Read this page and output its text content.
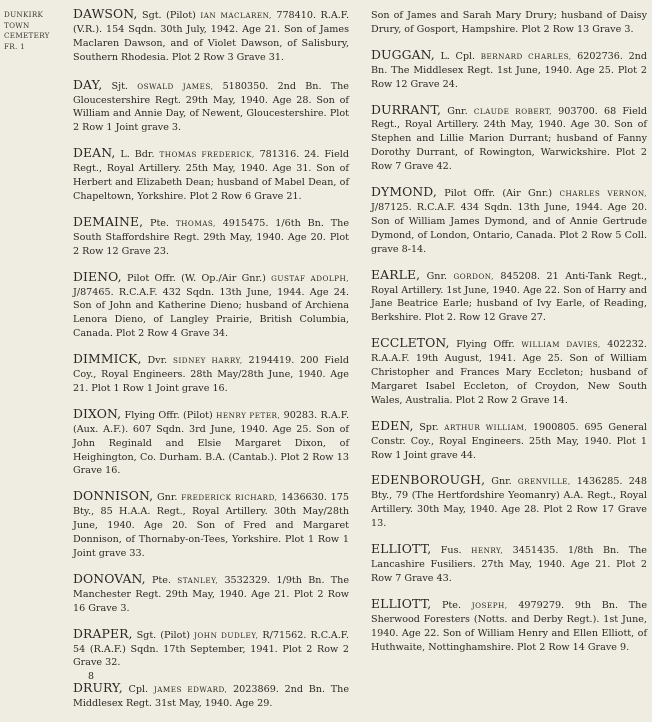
DUNKIRK
TOWN
CEMETERY
FR. 1

DAWSON, Sgt. (Pilot) IAN MACLAREN, 778410. R.A.F. (V.R.). 154 Sqdn. 30th July, 1942. Age 21. Son of James Maclaren Dawson, and of Violet Dawson, of Salisbury, Southern Rhodesia. Plot 2 Row 3 Grave 31.

DAY, Sjt. OSWALD JAMES, 5180350. 2nd Bn. The Gloucestershire Regt. 29th May, 1940. Age 28. Son of William and Annie Day, of Newent, Gloucestershire. Plot 2 Row 1 Joint grave 3.

DEAN, L. Bdr. THOMAS FREDERICK, 781316. 24. Field Regt., Royal Artillery. 25th May, 1940. Age 31. Son of Herbert and Elizabeth Dean; husband of Mabel Dean, of Chapeltown, Yorkshire. Plot 2 Row 6 Grave 21.

DEMAINE, Pte. THOMAS, 4915475. 1/6th Bn. The South Staffordshire Regt. 29th May, 1940. Age 20. Plot 2 Row 12 Grave 23.

DIENO, Pilot Offr. (W. Op./Air Gnr.) GUSTAF ADOLPH, J/87465. R.C.A.F. 432 Sqdn. 13th June, 1944. Age 24. Son of John and Katherine Dieno; husband of Archiena Lenora Dieno, of Langley Prairie, British Columbia, Canada. Plot 2 Row 4 Grave 34.

DIMMICK, Dvr. SIDNEY HARRY, 2194419. 200 Field Coy., Royal Engineers. 28th May/28th June, 1940. Age 21. Plot 1 Row 1 Joint grave 16.

DIXON, Flying Offr. (Pilot) HENRY PETER, 90283. R.A.F. (Aux. A.F.). 607 Sqdn. 3rd June, 1940. Age 25. Son of John Reginald and Elsie Margaret Dixon, of Heighington, Co. Durham. B.A. (Cantab.). Plot 2 Row 13 Grave 16.

DONNISON, Gnr. FREDERICK RICHARD, 1436630. 175 Bty., 85 H.A.A. Regt., Royal Artillery. 30th May/28th June, 1940. Age 20. Son of Fred and Margaret Donnison, of Thornaby-on-Tees, Yorkshire. Plot 1 Row 1 Joint grave 33.

DONOVAN, Pte. STANLEY, 3532329. 1/9th Bn. The Manchester Regt. 29th May, 1940. Age 21. Plot 2 Row 16 Grave 3.

DRAPER, Sgt. (Pilot) JOHN DUDLEY, R/71562. R.C.A.F. 54 (R.A.F.) Sqdn. 17th September, 1941. Plot 2 Row 2 Grave 32.

DRURY, Cpl. JAMES EDWARD, 2023869. 2nd Bn. The Middlesex Regt. 31st May, 1940. Age 29.

Son of James and Sarah Mary Drury; husband of Daisy Drury, of Gosport, Hampshire. Plot 2 Row 13 Grave 3.

DUGGAN, L. Cpl. BERNARD CHARLES, 6202736. 2nd Bn. The Middlesex Regt. 1st June, 1940. Age 25. Plot 2 Row 12 Grave 24.

DURRANT, Gnr. CLAUDE ROBERT, 903700. 68 Field Regt., Royal Artillery. 24th May, 1940. Age 30. Son of Stephen and Lillie Marion Durrant; husband of Fanny Dorothy Durrant, of Rowington, Warwickshire. Plot 2 Row 7 Grave 42.

DYMOND, Pilot Offr. (Air Gnr.) CHARLES VERNON, J/87125. R.C.A.F. 434 Sqdn. 13th June, 1944. Age 20. Son of William James Dymond, and of Annie Gertrude Dymond, of London, Ontario, Canada. Plot 2 Row 5 Coll. grave 8-14.

EARLE, Gnr. GORDON, 845208. 21 Anti-Tank Regt., Royal Artillery. 1st June, 1940. Age 22. Son of Harry and Jane Beatrice Earle; husband of Ivy Earle, of Reading, Berkshire. Plot 2. Row 12 Grave 27.

ECCLETON, Flying Offr. WILLIAM DAVIES, 402232. R.A.A.F. 19th August, 1941. Age 25. Son of William Christopher and Frances Mary Eccleton; husband of Margaret Isabel Eccleton, of Croydon, New South Wales, Australia. Plot 2 Row 2 Grave 14.

EDEN, Spr. ARTHUR WILLIAM, 1900805. 695 General Constr. Coy., Royal Engineers. 25th May, 1940. Plot 1 Row 1 Joint grave 44.

EDENBOROUGH, Gnr. GRENVILLE, 1436285. 248 Bty., 79 (The Hertfordshire Yeomanry) A.A. Regt., Royal Artillery. 30th May, 1940. Age 28. Plot 2 Row 17 Grave 13.

ELLIOTT, Fus. HENRY, 3451435. 1/8th Bn. The Lancashire Fusiliers. 27th May, 1940. Age 21. Plot 2 Row 7 Grave 43.

ELLIOTT, Pte. JOSEPH, 4979279. 9th Bn. The Sherwood Foresters (Notts. and Derby Regt.). 1st June, 1940. Age 22. Son of William Henry and Ellen Elliott, of Huthwaite, Nottinghamshire. Plot 2 Row 14 Grave 9.

8
